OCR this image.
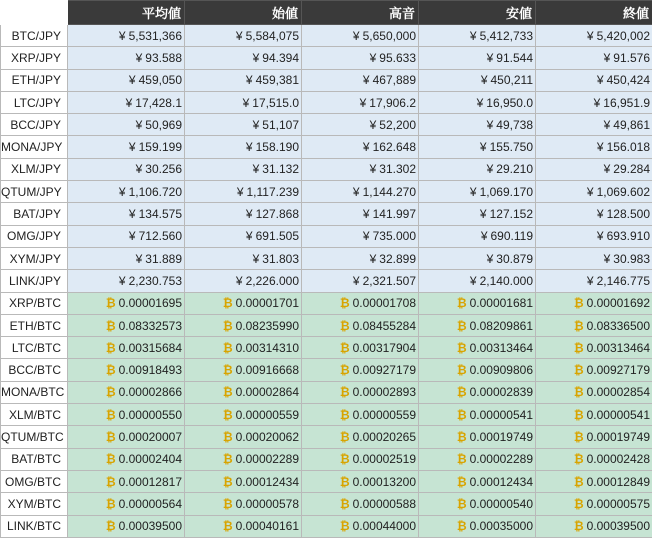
	平均値	始値	高音	安値	終値
BTC/JPY	¥ 5,531,366	¥ 5,584,075	¥ 5,650,000	¥ 5,412,733	¥ 5,420,002
XRP/JPY	¥ 93.588	¥ 94.394	¥ 95.633	¥ 91.544	¥ 91.576
ETH/JPY	¥ 459,050	¥ 459,381	¥ 467,889	¥ 450,211	¥ 450,424
LTC/JPY	¥ 17,428.1	¥ 17,515.0	¥ 17,906.2	¥ 16,950.0	¥ 16,951.9
BCC/JPY	¥ 50,969	¥ 51,107	¥ 52,200	¥ 49,738	¥ 49,861
MONA/JPY	¥ 159.199	¥ 158.190	¥ 162.648	¥ 155.750	¥ 156.018
XLM/JPY	¥ 30.256	¥ 31.132	¥ 31.302	¥ 29.210	¥ 29.284
QTUM/JPY	¥ 1,106.720	¥ 1,117.239	¥ 1,144.270	¥ 1,069.170	¥ 1,069.602
BAT/JPY	¥ 134.575	¥ 127.868	¥ 141.997	¥ 127.152	¥ 128.500
OMG/JPY	¥ 712.560	¥ 691.505	¥ 735.000	¥ 690.119	¥ 693.910
XYM/JPY	¥ 31.889	¥ 31.803	¥ 32.899	¥ 30.879	¥ 30.983
LINK/JPY	¥ 2,230.753	¥ 2,226.000	¥ 2,321.507	¥ 2,140.000	¥ 2,146.775
XRP/BTC	₿ 0.00001695	₿ 0.00001701	₿ 0.00001708	₿ 0.00001681	₿ 0.00001692
ETH/BTC	₿ 0.08332573	₿ 0.08235990	₿ 0.08455284	₿ 0.08209861	₿ 0.08336500
LTC/BTC	₿ 0.00315684	₿ 0.00314310	₿ 0.00317904	₿ 0.00313464	₿ 0.00313464
BCC/BTC	₿ 0.00918493	₿ 0.00916668	₿ 0.00927179	₿ 0.00909806	₿ 0.00927179
MONA/BTC	₿ 0.00002866	₿ 0.00002864	₿ 0.00002893	₿ 0.00002839	₿ 0.00002854
XLM/BTC	₿ 0.00000550	₿ 0.00000559	₿ 0.00000559	₿ 0.00000541	₿ 0.00000541
QTUM/BTC	₿ 0.00020007	₿ 0.00020062	₿ 0.00020265	₿ 0.00019749	₿ 0.00019749
BAT/BTC	₿ 0.00002404	₿ 0.00002289	₿ 0.00002519	₿ 0.00002289	₿ 0.00002428
OMG/BTC	₿ 0.00012817	₿ 0.00012434	₿ 0.00013200	₿ 0.00012434	₿ 0.00012849
XYM/BTC	₿ 0.00000564	₿ 0.00000578	₿ 0.00000588	₿ 0.00000540	₿ 0.00000575
LINK/BTC	₿ 0.00039500	₿ 0.00040161	₿ 0.00044000	₿ 0.00035000	₿ 0.00039500
